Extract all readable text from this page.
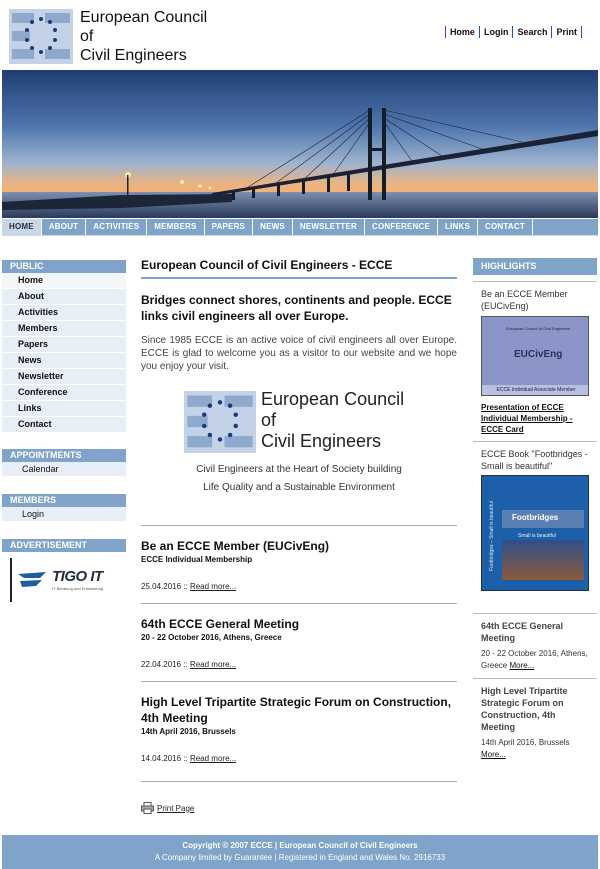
European Council
of
Civil Engineers
Home	Login	Search	Print
HOME	ABOUT	ACTIVITIES	MEMBERS	PAPERS	NEWS	NEWSLETTER	CONFERENCE	LINKS	CONTACT
PUBLIC
Home
About
Activities
Members
Papers
News
Newsletter
Conference
Links
Contact
APPOINTMENTS
Calendar
MEMBERS
Login
ADVERTISEMENT
TIGO IT
IT Beratung und Entwicklung
European Council of Civil Engineers - ECCE
Bridges connect shores, continents and people. ECCE links civil engineers all over Europe.
Since 1985 ECCE is an active voice of civil engineers all over Europe. ECCE is glad to welcome you as a visitor to our website and we hope you enjoy your visit.
European Council
of
Civil Engineers
Civil Engineers at the Heart of Society building
Life Quality and a Sustainable Environment
Be an ECCE Member (EUCivEng)
ECCE Individual Membership
25.04.2016 :: Read more...
64th ECCE General Meeting
20 - 22 October 2016, Athens, Greece
22.04.2016 :: Read more...
High Level Tripartite Strategic Forum on Construction, 4th Meeting
14th April 2016, Brussels
14.04.2016 :: Read more...
Print Page
HIGHLIGHTS
Be an ECCE Member (EUCivEng)
European Council of Civil Engineers
EUCivEng
ECCE Individual Associate Member
Presentation of ECCE Individual Membership - ECCE Card
ECCE Book "Footbridges - Small is beautiful"
Footbridges – Small is beautiful	Footbridges
Small is beautiful
64th ECCE General Meeting
20 - 22 October 2016, Athens, Greece More...
High Level Tripartite Strategic Forum on Construction, 4th Meeting
14th April 2016, Brussels More...
Copyright © 2007 ECCE | European Council of Civil Engineers
A Company limited by Guarantee | Registered in England and Wales No. 2916733
